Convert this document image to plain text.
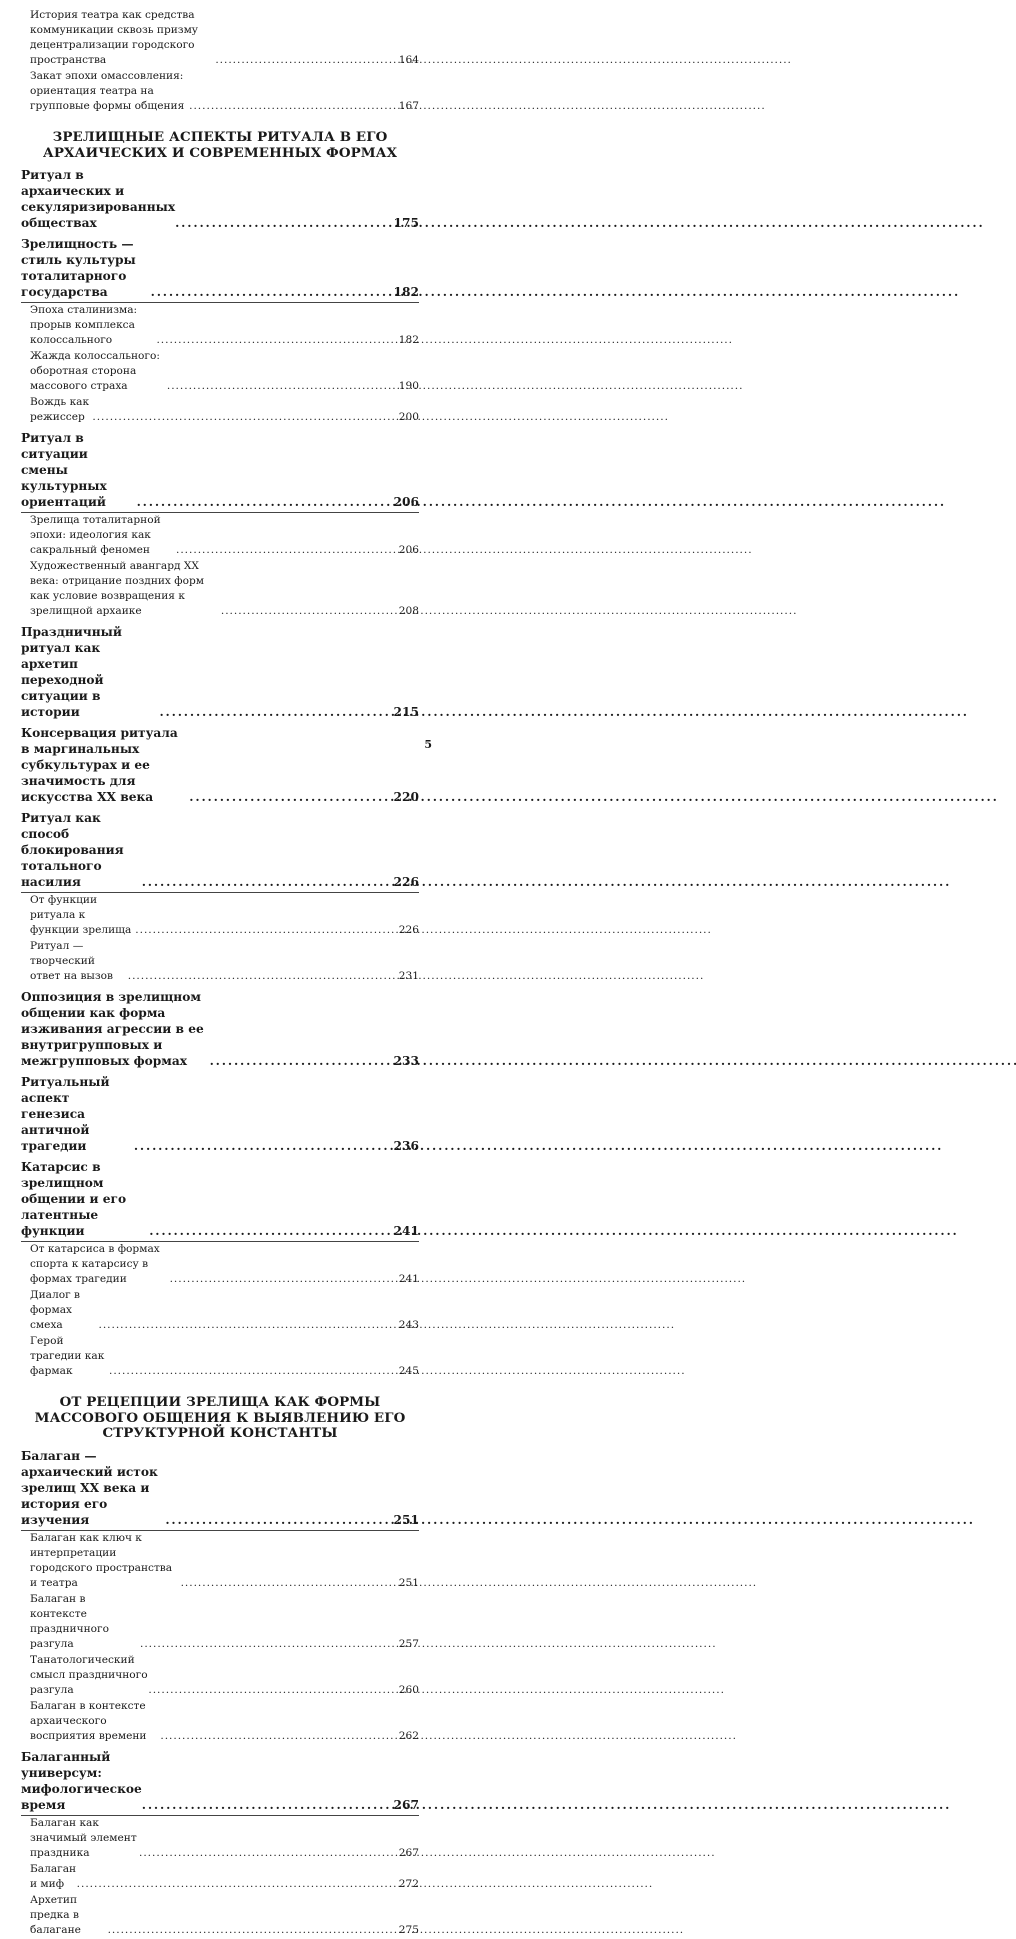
История театра как средства коммуникации сквозь призму децентрализации городского пространства . . .	164
Закат эпохи омассовления: ориентация театра на групповые формы общения . . .	167
ЗРЕЛИЩНЫЕ АСПЕКТЫ РИТУАЛА В ЕГО АРХАИЧЕСКИХ И СОВРЕМЕННЫХ ФОРМАХ
Ритуал в архаических и секуляризированных обществах . . .	175
Зрелищность — стиль культуры тоталитарного государства . . .	182
Эпоха сталинизма: прорыв комплекса колоссального . . .	182
Жажда колоссального: оборотная сторона массового страха . . .	190
Вождь как режиссер . . .	200
Ритуал в ситуации смены культурных ориентаций . . .	206
Зрелища тоталитарной эпохи: идеология как сакральный феномен . . .	206
Художественный авангард XX века: отрицание поздних форм как условие возвращения к зрелищной архаике . . .	208
Праздничный ритуал как архетип переходной ситуации в истории . . .	215
Консервация ритуала в маргинальных субкультурах и ее значимость для искусства XX века . . .	220
Ритуал как способ блокирования тотального насилия . . .	226
От функции ритуала к функции зрелища . . .	226
Ритуал — творческий ответ на вызов . . .	231
Оппозиция в зрелищном общении как форма изживания агрессии в ее внутригрупповых и межгрупповых формах . . .	233
Ритуальный аспект генезиса античной трагедии . . .	236
Катарсис в зрелищном общении и его латентные функции . . .	241
От катарсиса в формах спорта к катарсису в формах трагедии . . .	241
Диалог в формах смеха . . .	243
Герой трагедии как фармак . . .	245
ОТ РЕЦЕПЦИИ ЗРЕЛИЩА КАК ФОРМЫ МАССОВОГО ОБЩЕНИЯ К ВЫЯВЛЕНИЮ ЕГО СТРУКТУРНОЙ КОНСТАНТЫ
Балаган — архаический исток зрелищ XX века и история его изучения . . .	251
Балаган как ключ к интерпретации городского пространства и театра . . .	251
Балаган в контексте праздничного разгула . . .	257
Танатологический смысл праздничного разгула . . .	260
Балаган в контексте архаического восприятия времени . . .	262
Балаганный универсум: мифологическое время . . .	267
Балаган как значимый элемент праздника . . .	267
Балаган и миф . . .	272
Архетип предка в балагане . . .	275
5
